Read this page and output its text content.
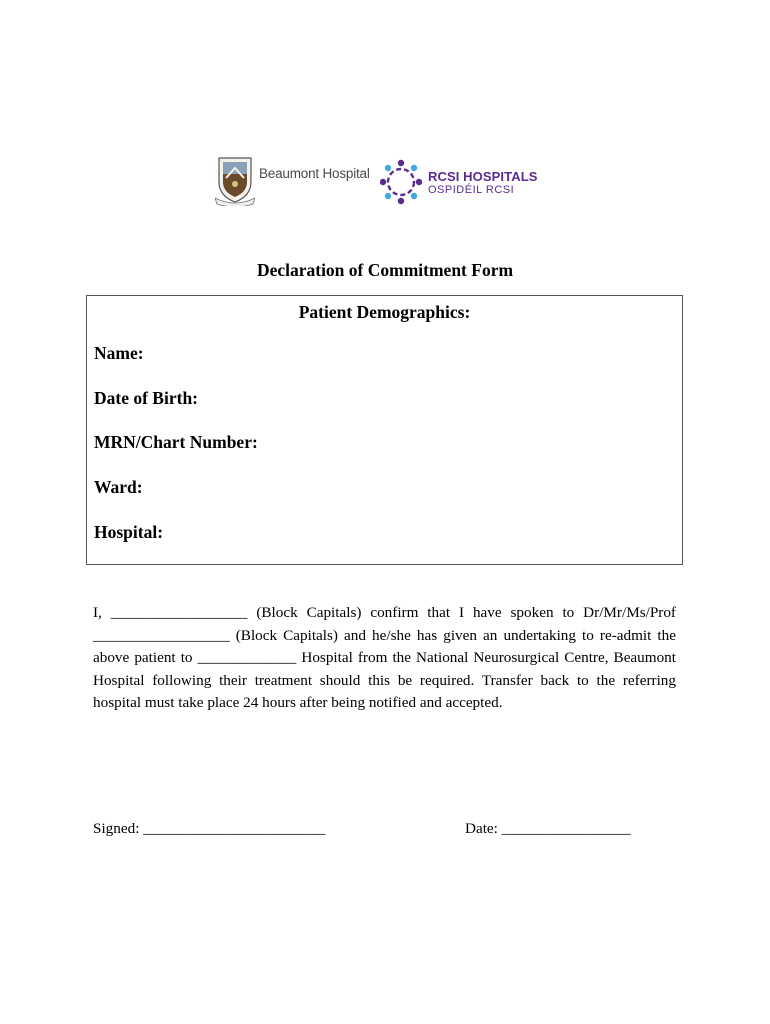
Beaumont Hospital	RCSI HOSPITALS
OSPIDÉIL RCSI
Declaration of Commitment Form
Patient Demographics:
Name:
Date of Birth:
MRN/Chart Number:
Ward:
Hospital:

I, __________________ (Block Capitals) confirm that I have spoken to Dr/Mr/Ms/Prof __________________ (Block Capitals) and he/she has given an undertaking to re-admit the above patient to _____________ Hospital from the National Neurosurgical Centre, Beaumont Hospital following their treatment should this be required. Transfer back to the referring hospital must take place 24 hours after being notified and accepted.

Signed: ________________________	Date: _________________
